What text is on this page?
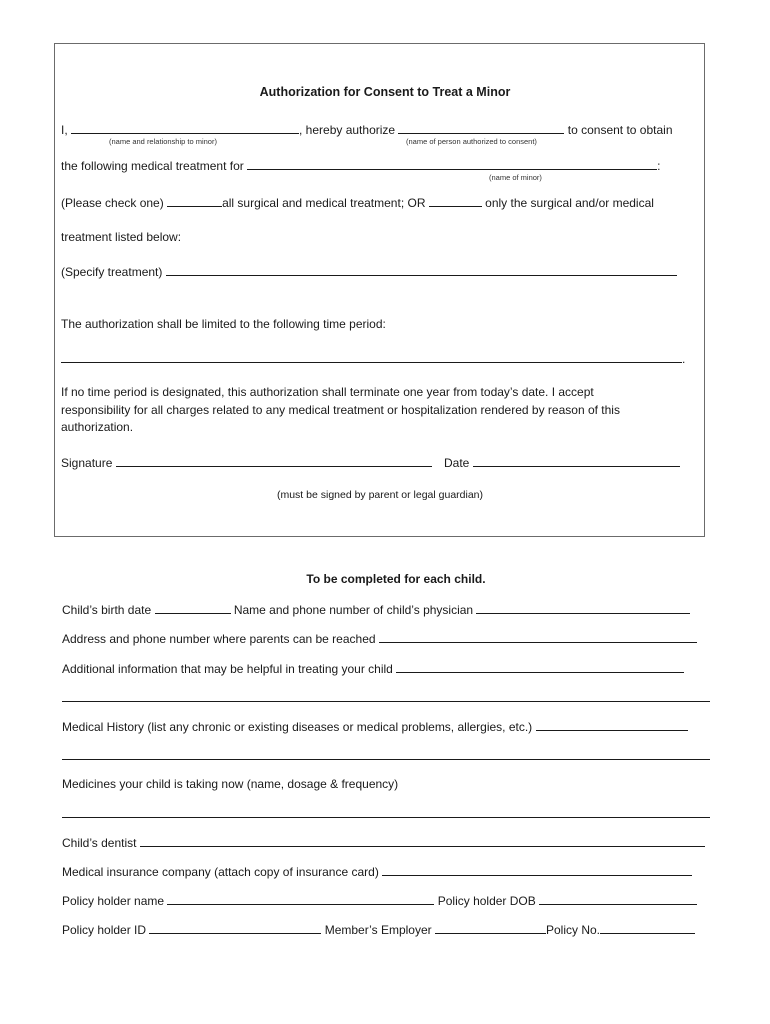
Authorization for Consent to Treat a Minor
I,	, hereby authorize	to consent to obtain
(name and relationship to minor)	(name of person authorized to consent)
the following medical treatment for	:
(name of minor)
(Please check one)	all surgical and medical treatment; OR	only the surgical and/or medical
treatment listed below:
(Specify treatment)
The authorization shall be limited to the following time period:
.
If no time period is designated, this authorization shall terminate one year from today’s date. I accept
responsibility for all charges related to any medical treatment or hospitalization rendered by reason of this
authorization.
Signature	Date
(must be signed by parent or legal guardian)
To be completed for each child.
Child’s birth date	Name and phone number of child’s physician
Address and phone number where parents can be reached
Additional information that may be helpful in treating your child
Medical History (list any chronic or existing diseases or medical problems, allergies, etc.)
Medicines your child is taking now (name, dosage & frequency)
Child’s dentist
Medical insurance company (attach copy of insurance card)
Policy holder name	Policy holder DOB
Policy holder ID	Member’s Employer	Policy No.
